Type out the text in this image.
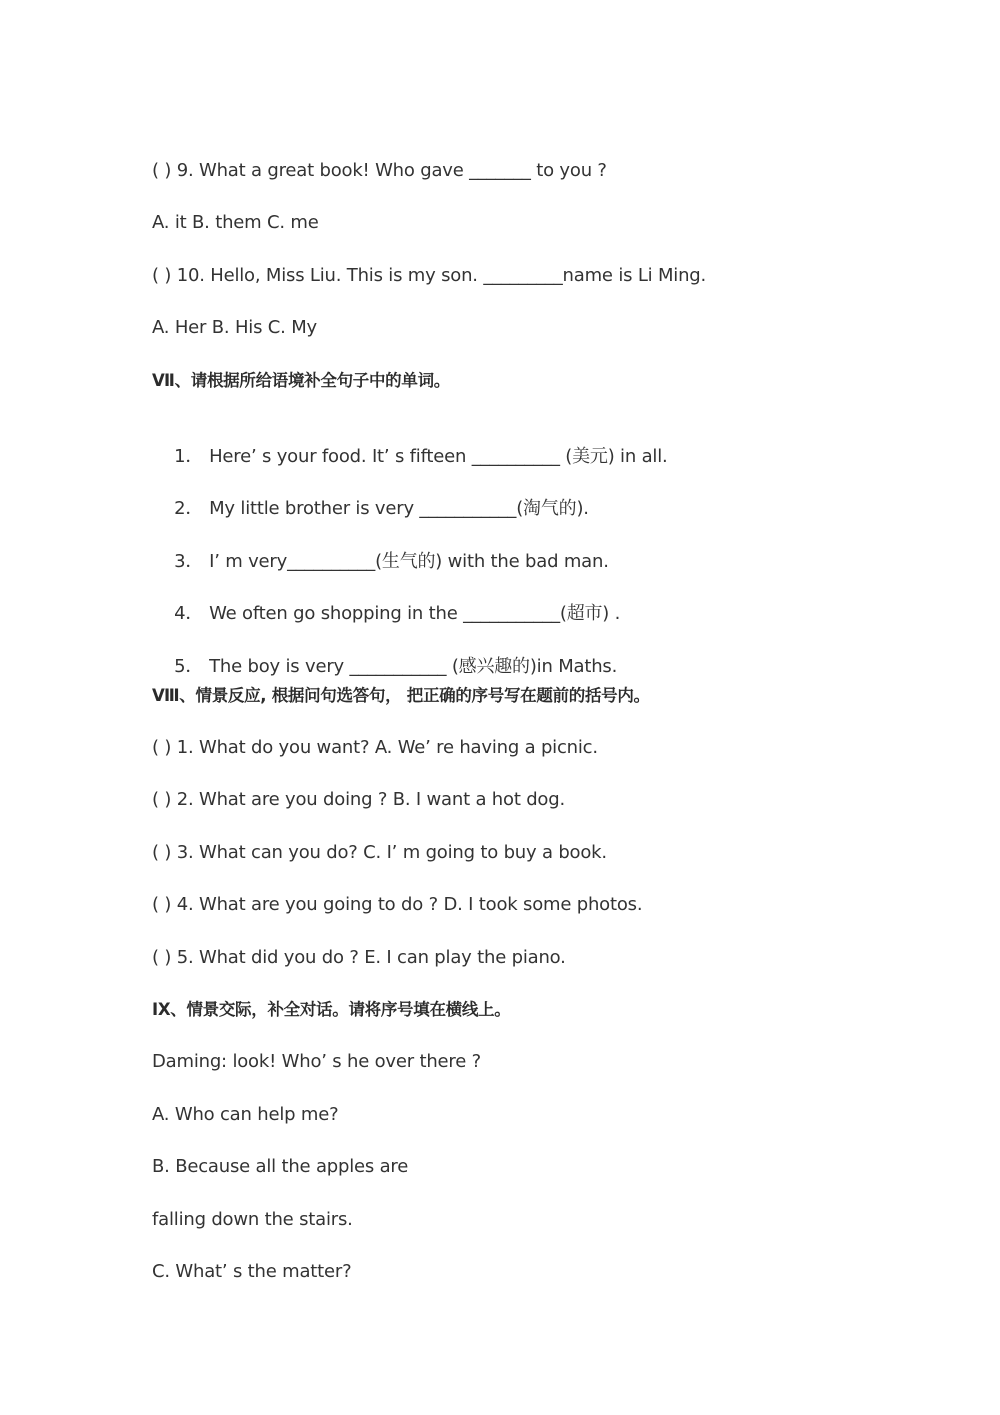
( ) 9. What a great book! Who gave _______ to you ?
A. it B. them C. me
( ) 10. Hello, Miss Liu. This is my son. _________name is Li Ming.
A. Her B. His C. My
Ⅶ、请根据所给语境补全句子中的单词。

1． Here’ s your food. It’ s fifteen __________ (美元) in all.

2． My little brother is very ___________(淘气的).

3． I’ m very__________(生气的) with the bad man.

4． We often go shopping in the ___________(超市) .

5． The boy is very ___________ (感兴趣的)in Maths.

Ⅷ、情景反应, 根据问句选答句， 把正确的序号写在题前的括号内。
( ) 1. What do you want? A. We’ re having a picnic.
( ) 2. What are you doing ? B. I want a hot dog.
( ) 3. What can you do? C. I’ m going to buy a book.
( ) 4. What are you going to do ? D. I took some photos.
( ) 5. What did you do ? E. I can play the piano.
IX、情景交际，补全对话。请将序号填在横线上。
Daming: look! Who’ s he over there ?
A. Who can help me?
B. Because all the apples are
falling down the stairs.
C. What’ s the matter?
